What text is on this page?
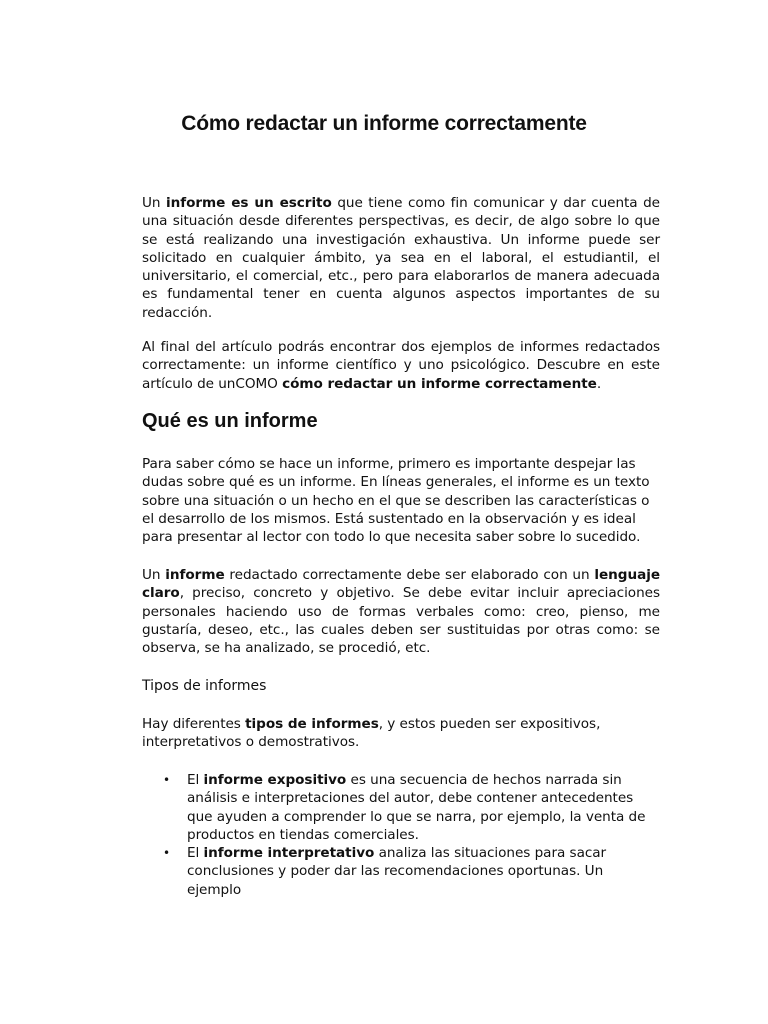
Cómo redactar un informe correctamente

Un informe es un escrito que tiene como fin comunicar y dar cuenta de una situación desde diferentes perspectivas, es decir, de algo sobre lo que se está realizando una investigación exhaustiva. Un informe puede ser solicitado en cualquier ámbito, ya sea en el laboral, el estudiantil, el universitario, el comercial, etc., pero para elaborarlos de manera adecuada es fundamental tener en cuenta algunos aspectos importantes de su redacción.

Al final del artículo podrás encontrar dos ejemplos de informes redactados correctamente: un informe científico y uno psicológico. Descubre en este artículo de unCOMO cómo redactar un informe correctamente.

Qué es un informe

Para saber cómo se hace un informe, primero es importante despejar las dudas sobre qué es un informe. En líneas generales, el informe es un texto sobre una situación o un hecho en el que se describen las características o el desarrollo de los mismos. Está sustentado en la observación y es ideal para presentar al lector con todo lo que necesita saber sobre lo sucedido.

Un informe redactado correctamente debe ser elaborado con un lenguaje claro, preciso, concreto y objetivo. Se debe evitar incluir apreciaciones personales haciendo uso de formas verbales como: creo, pienso, me gustaría, deseo, etc., las cuales deben ser sustituidas por otras como: se observa, se ha analizado, se procedió, etc.

Tipos de informes

Hay diferentes tipos de informes, y estos pueden ser expositivos, interpretativos o demostrativos.

• El informe expositivo es una secuencia de hechos narrada sin análisis e interpretaciones del autor, debe contener antecedentes que ayuden a comprender lo que se narra, por ejemplo, la venta de productos en tiendas comerciales.
• El informe interpretativo analiza las situaciones para sacar conclusiones y poder dar las recomendaciones oportunas. Un ejemplo
